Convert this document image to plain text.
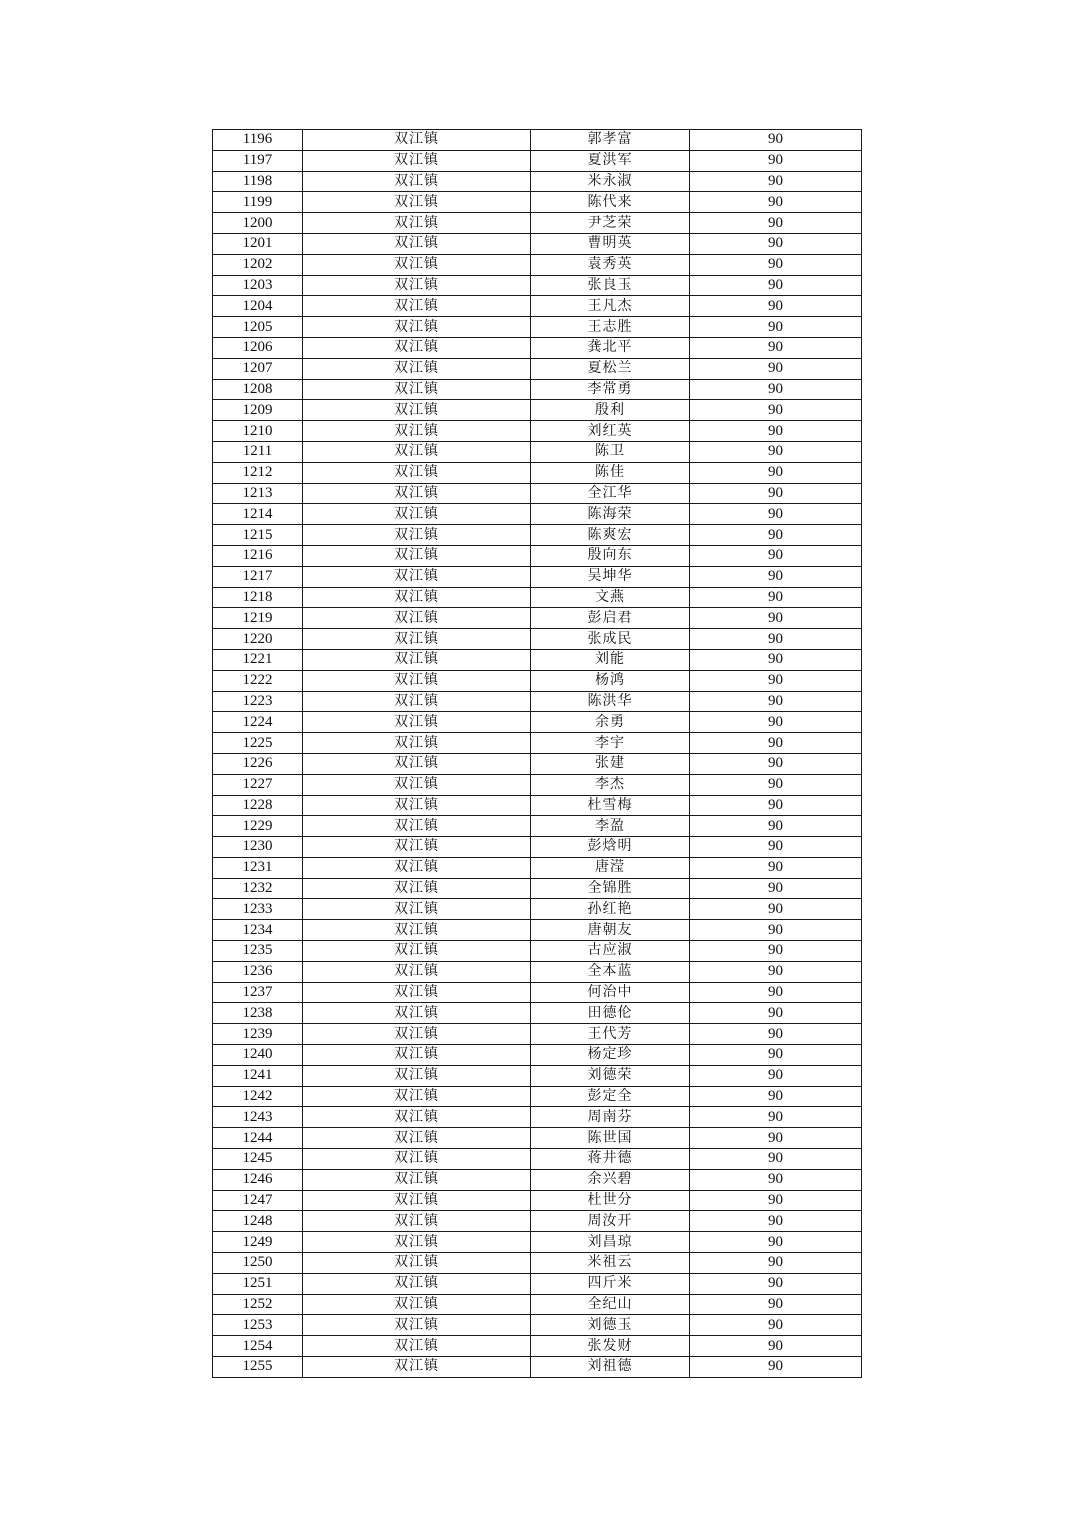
1196	双江镇	郭孝富	90
1197	双江镇	夏洪军	90
1198	双江镇	米永淑	90
1199	双江镇	陈代来	90
1200	双江镇	尹芝荣	90
1201	双江镇	曹明英	90
1202	双江镇	袁秀英	90
1203	双江镇	张良玉	90
1204	双江镇	王凡杰	90
1205	双江镇	王志胜	90
1206	双江镇	龚北平	90
1207	双江镇	夏松兰	90
1208	双江镇	李常勇	90
1209	双江镇	殷利	90
1210	双江镇	刘红英	90
1211	双江镇	陈卫	90
1212	双江镇	陈佳	90
1213	双江镇	全江华	90
1214	双江镇	陈海荣	90
1215	双江镇	陈爽宏	90
1216	双江镇	殷向东	90
1217	双江镇	吴坤华	90
1218	双江镇	文燕	90
1219	双江镇	彭启君	90
1220	双江镇	张成民	90
1221	双江镇	刘能	90
1222	双江镇	杨鸿	90
1223	双江镇	陈洪华	90
1224	双江镇	余勇	90
1225	双江镇	李宇	90
1226	双江镇	张建	90
1227	双江镇	李杰	90
1228	双江镇	杜雪梅	90
1229	双江镇	李盈	90
1230	双江镇	彭焓明	90
1231	双江镇	唐滢	90
1232	双江镇	全锦胜	90
1233	双江镇	孙红艳	90
1234	双江镇	唐朝友	90
1235	双江镇	古应淑	90
1236	双江镇	全本蓝	90
1237	双江镇	何治中	90
1238	双江镇	田德伦	90
1239	双江镇	王代芳	90
1240	双江镇	杨定珍	90
1241	双江镇	刘德荣	90
1242	双江镇	彭定全	90
1243	双江镇	周南芬	90
1244	双江镇	陈世国	90
1245	双江镇	蒋井德	90
1246	双江镇	余兴碧	90
1247	双江镇	杜世分	90
1248	双江镇	周汝开	90
1249	双江镇	刘昌琼	90
1250	双江镇	米祖云	90
1251	双江镇	四斤米	90
1252	双江镇	全纪山	90
1253	双江镇	刘德玉	90
1254	双江镇	张发财	90
1255	双江镇	刘祖德	90
